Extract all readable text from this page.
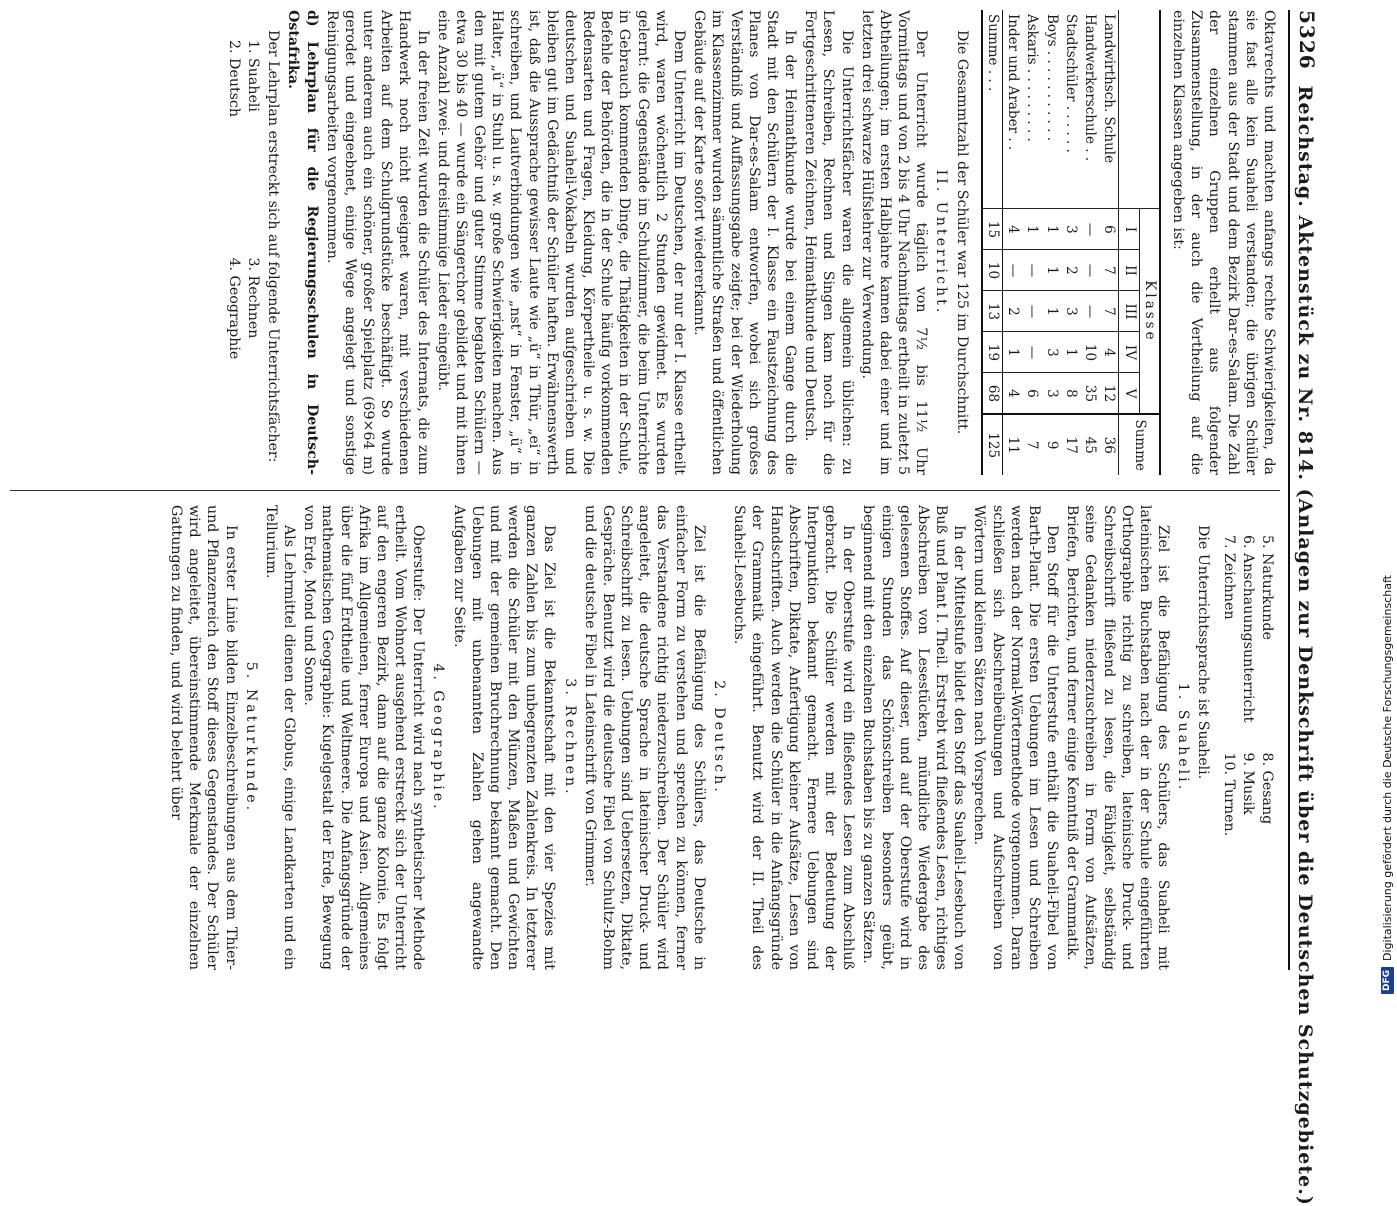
5326
Reichstag. Aktenstück zu Nr. 814. (Anlagen zur Denkschrift über die Deutschen Schutzgebiete.)

Oktavrechts und machten anfangs rechte Schwierigkeiten, da sie fast alle kein Suaheli verstanden; die übrigen Schüler stammen aus der Stadt und dem Bezirk Dar-es-Salam. Die Zahl der einzelnen Gruppen erhellt aus folgender Zusammenstellung, in der auch die Vertheilung auf die einzelnen Klassen angegeben ist:

	Klasse					Summe
	I	II	III	IV	V	
Landwirthsch. Schule	6	7	7	4	12	36
Handwerkerschule . .	—	—	—	10	35	45
Stadtschüler . . . . . .	3	2	3	1	8	17
Boys . . . . . . . . . . .	1	1	1	3	3	9
Askaris . . . . . . . . .	1	—	—	—	6	7
Inder und Araber . .	4	—	2	1	4	11
Summe . . .	15	10	13	19	68	125

Die Gesammtzahl der Schüler war 125 im Durchschnitt.

II. Unterricht.

Der Unterricht wurde täglich von 7½ bis 11½ Uhr Vormittags und von 2 bis 4 Uhr Nachmittags ertheilt in zuletzt 5 Abtheilungen; im ersten Halbjahre kamen dabei einer und im letzten drei schwarze Hülfslehrer zur Verwendung.

Die Unterrichtsfächer waren die allgemein üblichen: zu Lesen, Schreiben, Rechnen und Singen kam noch für die Fortgeschritteneren Zeichnen, Heimathkunde und Deutsch.

In der Heimathkunde wurde bei einem Gange durch die Stadt mit den Schülern der I. Klasse ein Faustzeichnung des Planes von Dar-es-Salam entworfen, wobei sich großes Verständniß und Auffassungsgabe zeigte; bei der Wiederholung im Klassenzimmer wurden sämmtliche Straßen und öffentlichen Gebäude auf der Karte sofort wiedererkannt.

Dem Unterricht im Deutschen, der nur der I. Klasse ertheilt wird, waren wöchentlich 2 Stunden gewidmet. Es wurden gelernt: die Gegenstände im Schulzimmer, die beim Unterrichte in Gebrauch kommenden Dinge, die Thätigkeiten in der Schule, Befehle der Behörden, die in der Schule häufig vorkommenden Redensarten und Fragen, Kleidung, Körpertheile u. s. w. Die deutschen und Suaheli-Vokabeln wurden aufgeschrieben und bleiben gut im Gedächtniß der Schüler haften. Erwähnenswerth ist, daß die Aussprache gewisser Laute wie „ü“ in Thür, „ei“ in schreiben, und Lautverbindungen wie „nst“ in Fenster, „ü“ in Halter, „ü“ in Stuhl u. s. w. große Schwierigkeiten machen. Aus den mit gutem Gehör und guter Stimme begabten Schülern — etwa 30 bis 40 — wurde ein Sängerchor gebildet und mit ihnen eine Anzahl zwei- und dreistimmige Lieder eingeübt.

In der freien Zeit wurden die Schüler des Internats, die zum Handwerk noch nicht geeignet waren, mit verschiedenen Arbeiten auf dem Schulgrundstücke beschäftigt. So wurde unter anderem auch ein schöner, großer Spielplatz (69×64 m) gerodet und eingeebnet, einige Wege angelegt und sonstige Reinigungsarbeiten vorgenommen.

d) Lehrplan für die Regierungsschulen in Deutsch-Ostafrika.

Der Lehrplan erstreckt sich auf folgende Unterrichtsfächer:

1. Suaheli
2. Deutsch
3. Rechnen
4. Geographie
5. Naturkunde
6. Anschauungsunterricht
7. Zeichnen
8. Gesang
9. Musik
10. Turnen.

Die Unterrichtssprache ist Suaheli.

1. Suaheli.

Ziel ist die Befähigung des Schülers, das Suaheli mit lateinischen Buchstaben nach der in der Schule eingeführten Orthographie richtig zu schreiben, lateinische Druck- und Schreibschrift fließend zu lesen, die Fähigkeit, selbständig seine Gedanken niederzuschreiben in Form von Aufsätzen, Briefen, Berichten, und ferner einige Kenntniß der Grammatik.

Den Stoff für die Unterstufe enthält die Suaheli-Fibel von Barth-Plant. Die ersten Uebungen im Lesen und Schreiben werden nach der Normal-Wörtermethode vorgenommen. Daran schließen sich Abschreibeübungen und Aufschreiben von Wörtern und kleinen Sätzen nach Vorsprechen.

In der Mittelstufe bildet den Stoff das Suaheli-Lesebuch von Buß und Plant I. Theil. Erstrebt wird fließendes Lesen, richtiges Abschreiben von Lesestücken, mündliche Wiedergabe des gelesenen Stoffes. Auf dieser, und auf der Oberstufe wird in einigen Stunden das Schönschreiben besonders geübt, beginnend mit den einzelnen Buchstaben bis zu ganzen Sätzen.

In der Oberstufe wird ein fließendes Lesen zum Abschluß gebracht. Die Schüler werden mit der Bedeutung der Interpunktion bekannt gemacht. Fernere Uebungen sind Abschriften, Diktate, Anfertigung kleiner Aufsätze, Lesen von Handschriften. Auch werden die Schüler in die Anfangsgründe der Grammatik eingeführt. Benutzt wird der II. Theil des Suaheli-Lesebuchs.

2. Deutsch.

Ziel ist die Befähigung des Schülers, das Deutsche in einfacher Form zu verstehen und sprechen zu können, ferner das Verstandene richtig niederzuschreiben. Der Schüler wird angeleitet, die deutsche Sprache in lateinischer Druck- und Schreibschrift zu lesen. Uebungen sind Uebersetzen, Diktate, Gespräche. Benutzt wird die deutsche Fibel von Schultz-Bohm und die deutsche Fibel in Lateinschrift von Grimmer.

3. Rechnen.

Das Ziel ist die Bekanntschaft mit den vier Spezies mit ganzen Zahlen bis zum unbegrenzten Zahlenkreis. In letzterer werden die Schüler mit den Münzen, Maßen und Gewichten und mit der gemeinen Bruchrechnung bekannt gemacht. Den Uebungen mit unbenannten Zahlen gehen angewandte Aufgaben zur Seite.

4. Geographie.

Oberstufe: Der Unterricht wird nach synthetischer Methode ertheilt. Vom Wohnort ausgehend erstreckt sich der Unterricht auf den engeren Bezirk, dann auf die ganze Kolonie. Es folgt Afrika im Allgemeinen, ferner Europa und Asien. Allgemeines über die fünf Erdtheile und Weltmeere. Die Anfangsgründe der mathematischen Geographie: Kugelgestalt der Erde, Bewegung von Erde, Mond und Sonne.

Als Lehrmittel dienen der Globus, einige Landkarten und ein Tellurium.

5. Naturkunde.

In erster Linie bilden Einzelbeschreibungen aus dem Thier- und Pflanzenreich den Stoff dieses Gegenstandes. Der Schüler wird angeleitet, übereinstimmende Merkmale der einzelnen Gattungen zu finden, und wird belehrt über

DFG
Digitalisierung gefördert durch die Deutsche Forschungsgemeinschaft
